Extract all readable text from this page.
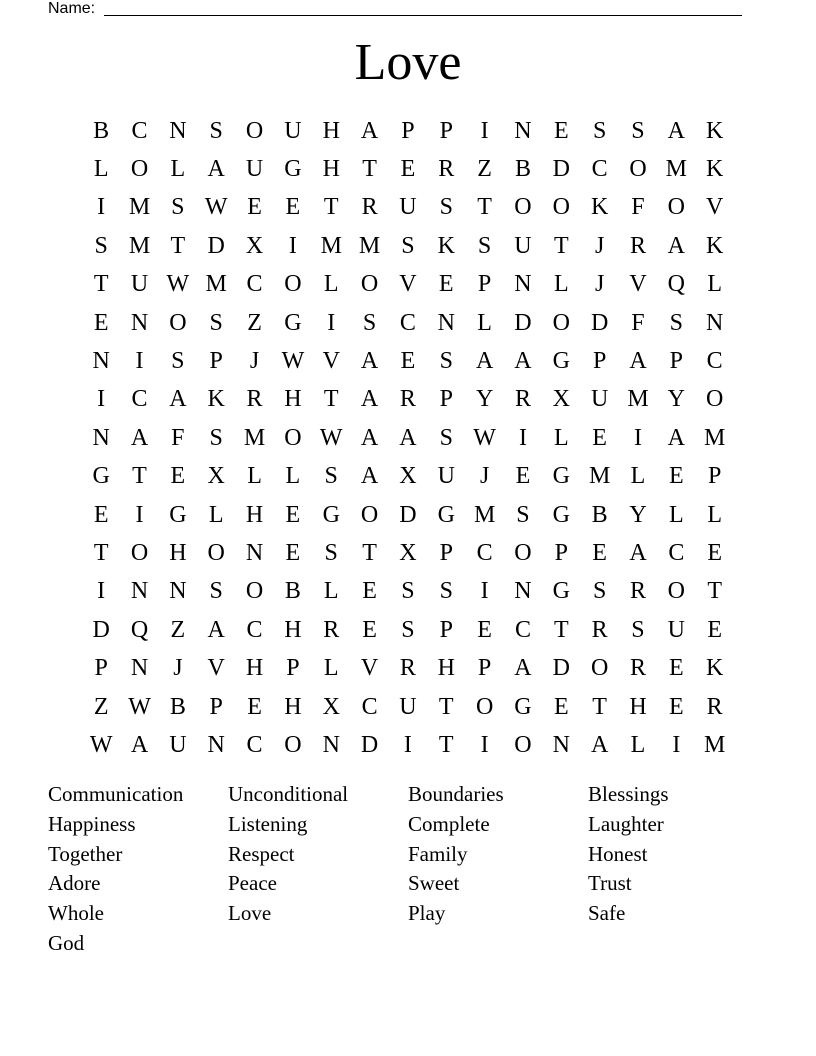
Name:
Love
B C N S O U H A P	P	I	N E	S	S A K
L O L A U G H T E R Z B D C O M K
I M S W E E T R U S	T O O K F O V
S M T D X	I M M S K S U T	J	R A K
T U W M C O L O V E	P N L	J	V Q L
E N O S	Z G	I	S C N L D O D F	S N
N	I	S	P	J W V A E	S A A G P A P C
I	C A K R H T A R P Y R X U M Y O
N A F	S M O W A A S W I	L E	I	A M
G T E X L L	S A X U	J	E G M L E	P
E	I	G L H E G O D G M S G B Y L L
T O H O N E	S	T X P C O P	E A C E
I	N N S O B L E	S	S	I	N G S R O T
D Q Z A C H R E	S	P	E C T R S U E
P N	J	V H P	L V R H P A D O R E K
Z W B P	E H X C U T O G E T H E R
W A U N C O N D	I	T	I	O N A L	I M
Communication	Unconditional	Boundaries	Blessings
Happiness	Listening	Complete	Laughter
Together	Respect	Family	Honest
Adore	Peace	Sweet	Trust
Whole	Love	Play	Safe
God
